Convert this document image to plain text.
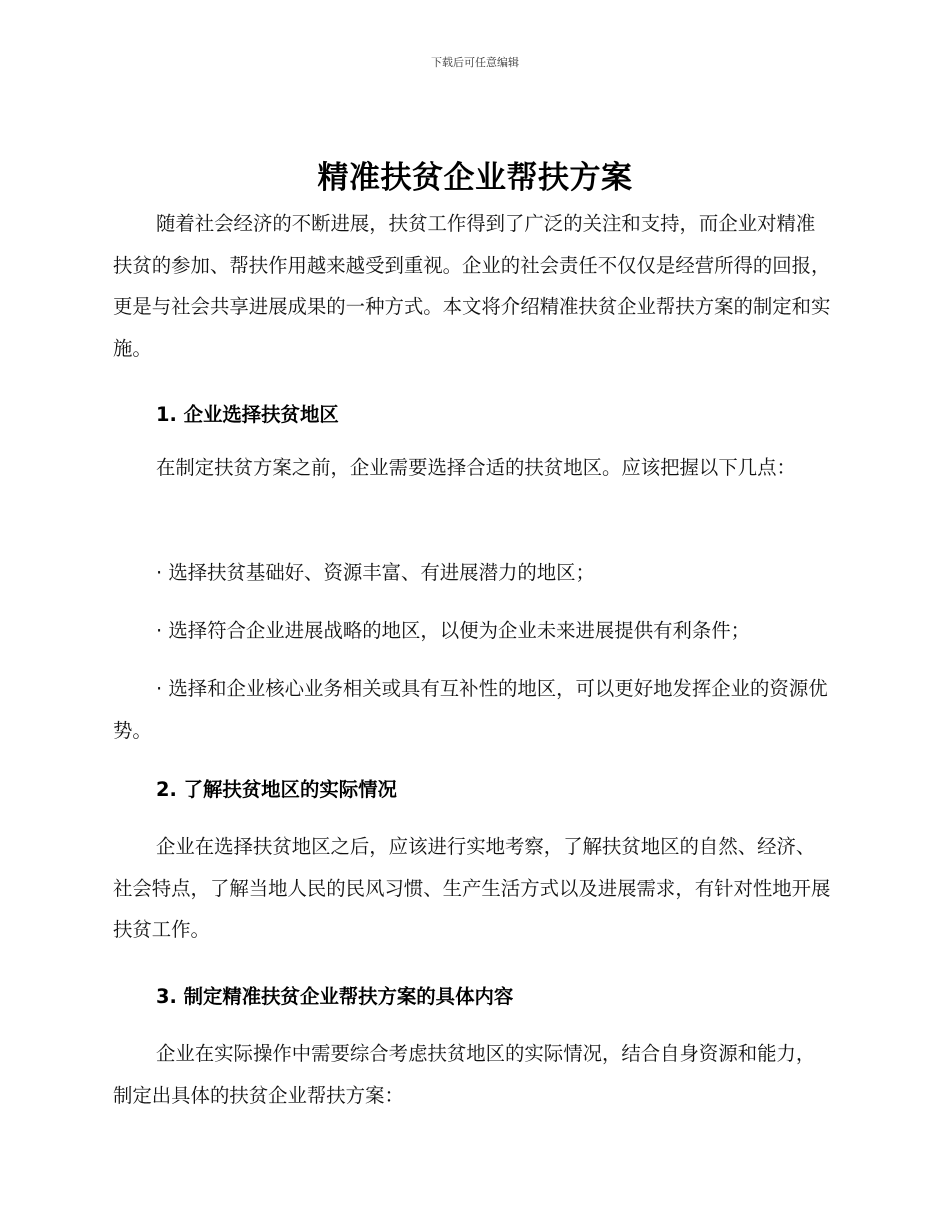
下载后可任意编辑
精准扶贫企业帮扶方案
随着社会经济的不断进展，扶贫工作得到了广泛的关注和支持，而企业对精准扶贫的参加、帮扶作用越来越受到重视。企业的社会责任不仅仅是经营所得的回报，更是与社会共享进展成果的一种方式。本文将介绍精准扶贫企业帮扶方案的制定和实施。
1. 企业选择扶贫地区
在制定扶贫方案之前，企业需要选择合适的扶贫地区。应该把握以下几点：
· 选择扶贫基础好、资源丰富、有进展潜力的地区；
· 选择符合企业进展战略的地区，以便为企业未来进展提供有利条件；
· 选择和企业核心业务相关或具有互补性的地区，可以更好地发挥企业的资源优势。
2. 了解扶贫地区的实际情况
企业在选择扶贫地区之后，应该进行实地考察，了解扶贫地区的自然、经济、社会特点，了解当地人民的民风习惯、生产生活方式以及进展需求，有针对性地开展扶贫工作。
3. 制定精准扶贫企业帮扶方案的具体内容
企业在实际操作中需要综合考虑扶贫地区的实际情况，结合自身资源和能力，制定出具体的扶贫企业帮扶方案：
